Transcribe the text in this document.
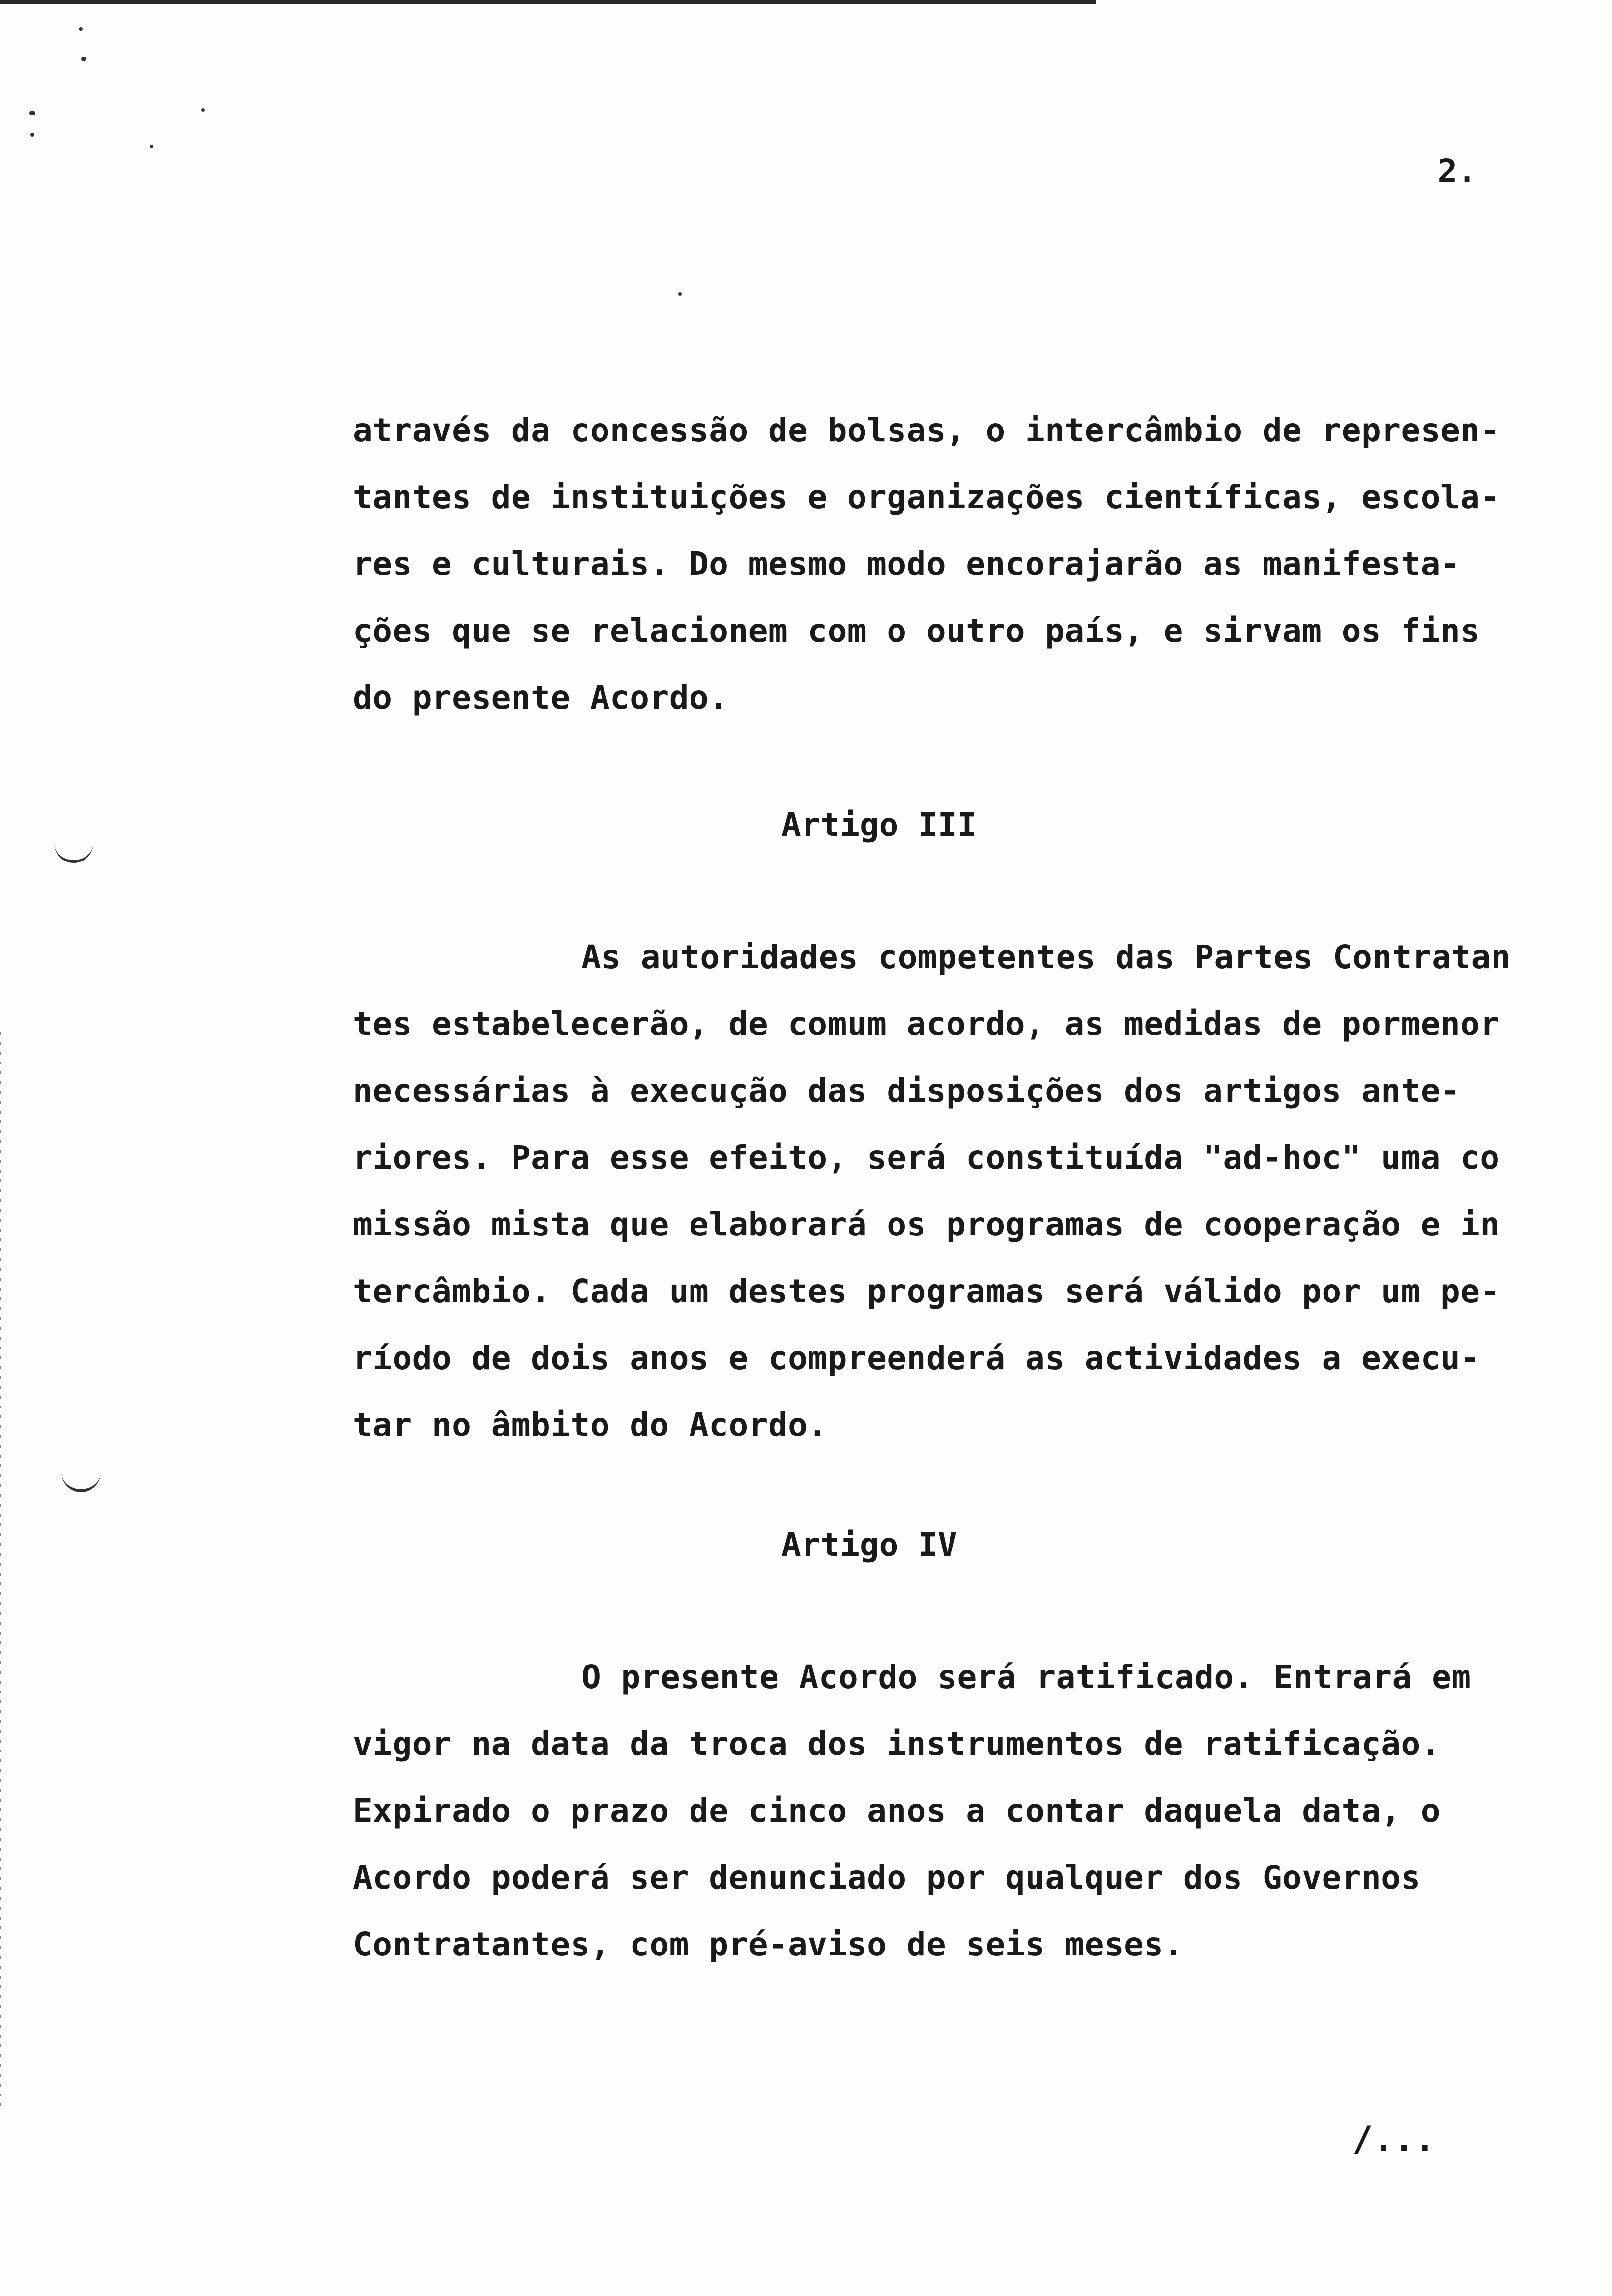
2.
através da concessão de bolsas, o intercâmbio de represen-
tantes de instituições e organizações científicas, escola-
res e culturais. Do mesmo modo encorajarão as manifesta-
ções que se relacionem com o outro país, e sirvam os fins
do presente Acordo.
Artigo III
As autoridades competentes das Partes Contratan
tes estabelecerão, de comum acordo, as medidas de pormenor
necessárias à execução das disposições dos artigos ante-
riores. Para esse efeito, será constituída "ad-hoc" uma co
missão mista que elaborará os programas de cooperação e in
tercâmbio. Cada um destes programas será válido por um pe-
ríodo de dois anos e compreenderá as actividades a execu-
tar no âmbito do Acordo.
Artigo IV
O presente Acordo será ratificado. Entrará em
vigor na data da troca dos instrumentos de ratificação.
Expirado o prazo de cinco anos a contar daquela data, o
Acordo poderá ser denunciado por qualquer dos Governos
Contratantes, com pré-aviso de seis meses.
/...
